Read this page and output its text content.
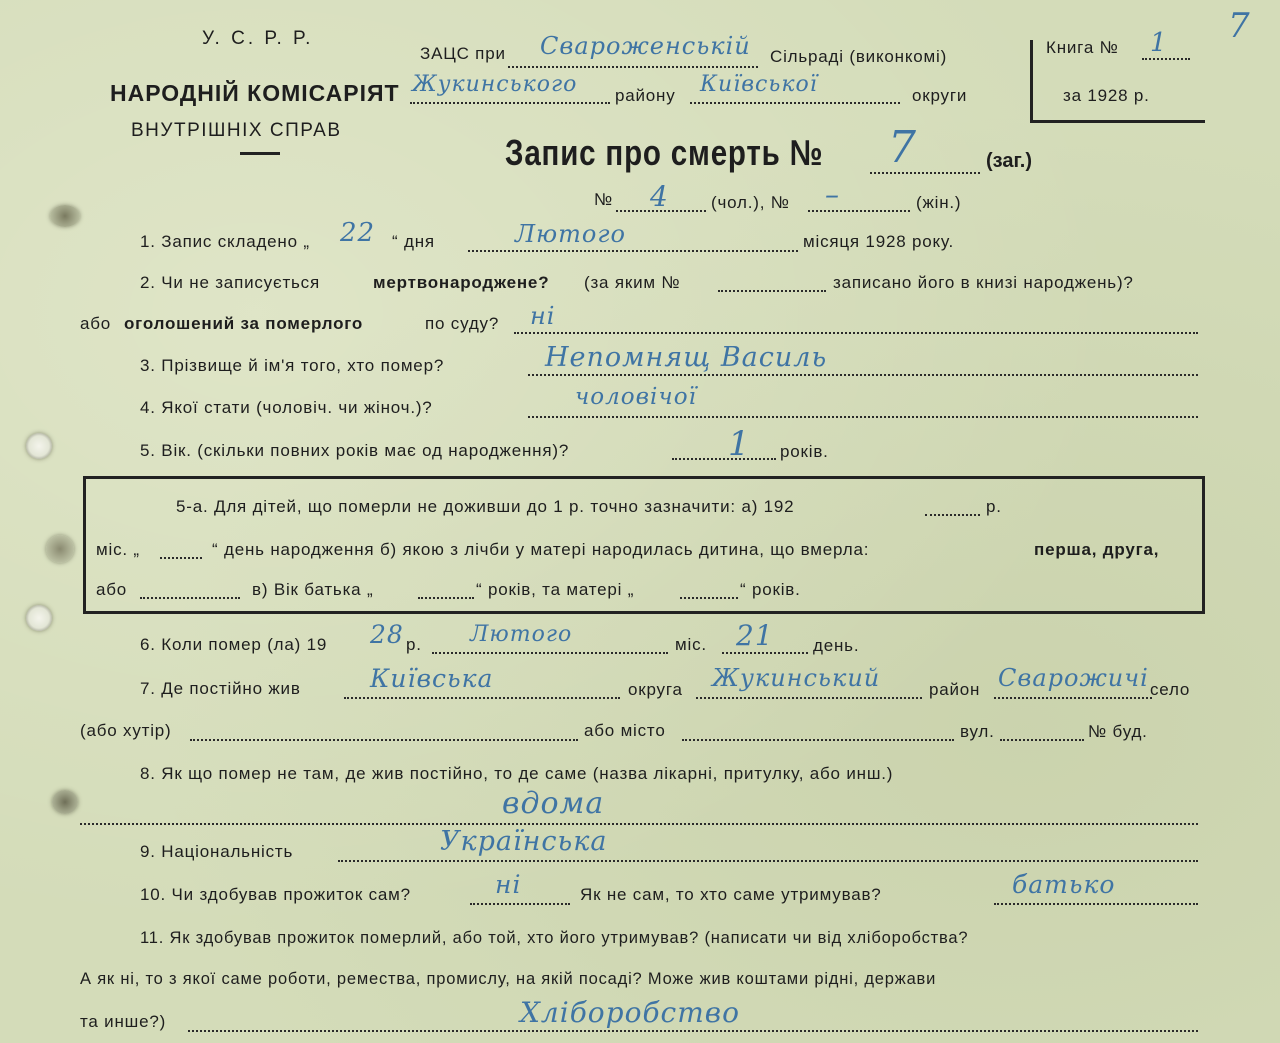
7
У. С. Р. Р.
НАРОДНІЙ КОМІСАРІЯТ
ВНУТРІШНІХ СПРАВ
ЗАЦС при Свароженській Сільраді (виконкомі)
Жукинського району Київської	округи
Книга № 1
за 1928 р.
Запис про смерть № 7	(заг.)
№ 4 (чол.), № –	(жін.)
1. Запис складено „ 22 “ дня	Лютого	місяця 1928 року.
2. Чи не записується	мертвонароджене? (за яким №	записано його в книзі народжень)?
або оголошений за померлого	по суду? ні
3. Прізвище й ім'я того, хто помер?	Непомнящ Василь
4. Якої стати (чоловіч. чи жіноч.)?	чоловічої
5. Вік. (скільки повних років має од народження)?	1 років.
5-а. Для дітей, що померли не доживши до 1 р. точно зазначити: а) 192	р.
міс. „	“ день народження б) якою з лічби у матері народилась дитина, що вмерла:	перша, друга,
або	в) Вік батька „	“ років, та матері „	“ років.
6. Коли помер (ла) 19 28 р. Лютого	міс. 21 день.
7. Де постійно жив	Київська	округа Жукинський	район Сварожичі село
(або хутір)	або місто	вул.	№ буд.
8. Як що помер не там, де жив постійно, то де саме (назва лікарні, притулку, або инш.)
вдома
9. Національність	Українська
10. Чи здобував прожиток сам?	ні	Як не сам, то хто саме утримував?	батько
11. Як здобував прожиток померлий, або той, хто його утримував? (написати чи від хліборобства?
А як ні, то з якої саме роботи, ремества, промислу, на якій посаді? Може жив коштами рідні, держави
та инше?)	Хліборобство
